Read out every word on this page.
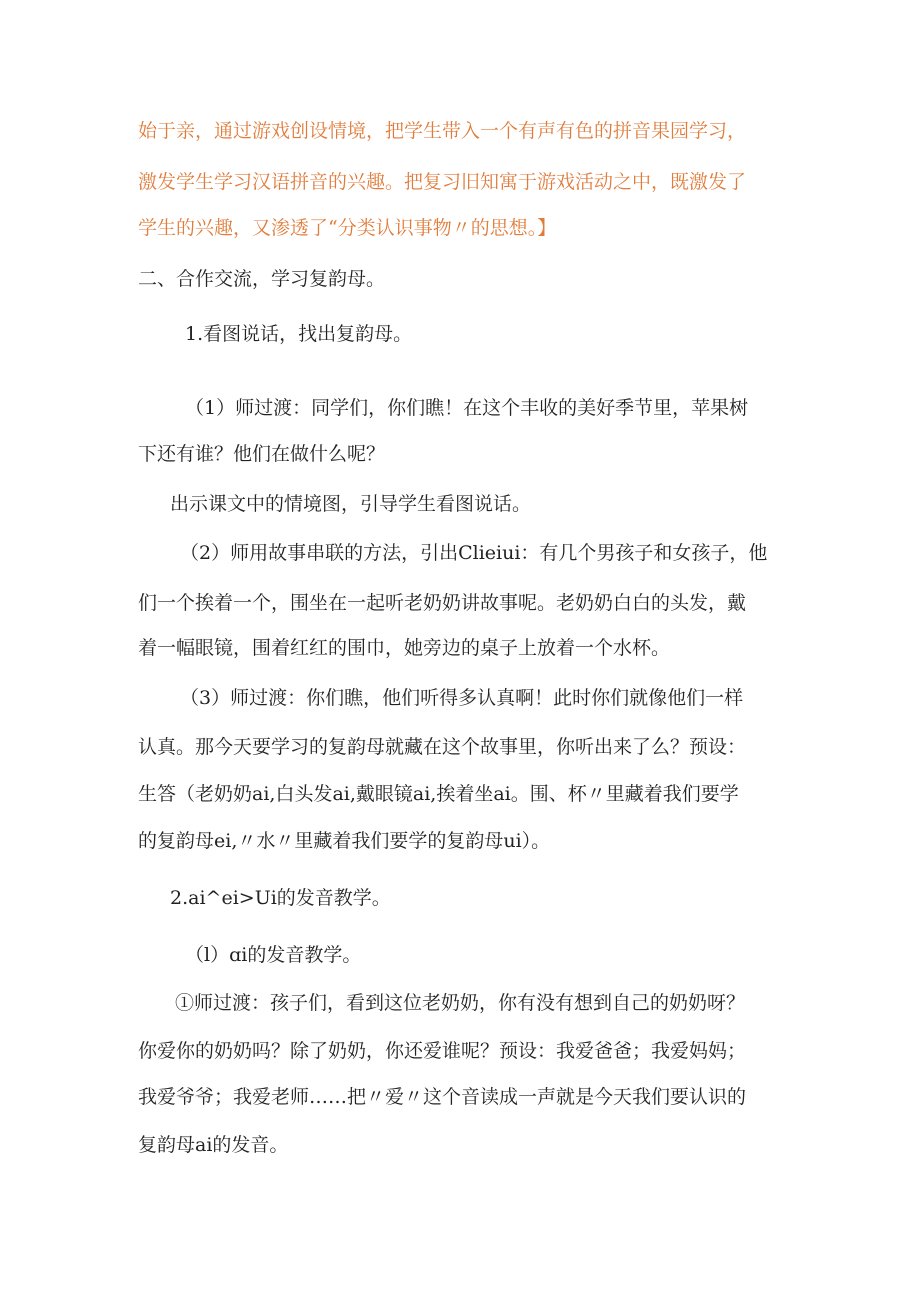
始于亲，通过游戏创设情境，把学生带入一个有声有色的拼音果园学习，
激发学生学习汉语拼音的兴趣。把复习旧知寓于游戏活动之中，既激发了
学生的兴趣，又渗透了“分类认识事物〃的思想。】
二、合作交流，学习复韵母。
1.看图说话，找出复韵母。
（1）师过渡：同学们，你们瞧！在这个丰收的美好季节里，苹果树
下还有谁？他们在做什么呢？
出示课文中的情境图，引导学生看图说话。
（2）师用故事串联的方法，引出Clieiui：有几个男孩子和女孩子，他
们一个挨着一个，围坐在一起听老奶奶讲故事呢。老奶奶白白的头发，戴
着一幅眼镜，围着红红的围巾，她旁边的桌子上放着一个水杯。
（3）师过渡：你们瞧，他们听得多认真啊！此时你们就像他们一样
认真。那今天要学习的复韵母就藏在这个故事里，你听出来了么？预设：
生答（老奶奶ai,白头发ai,戴眼镜ai,挨着坐ai。围、杯〃里藏着我们要学
的复韵母ei,〃水〃里藏着我们要学的复韵母ui）。
2.ai^ei>Ui的发音教学。
（l）ɑi的发音教学。
①师过渡：孩子们，看到这位老奶奶，你有没有想到自己的奶奶呀？
你爱你的奶奶吗？除了奶奶，你还爱谁呢？预设：我爱爸爸；我爱妈妈；
我爱爷爷；我爱老师……把〃爱〃这个音读成一声就是今天我们要认识的
复韵母ai的发音。
